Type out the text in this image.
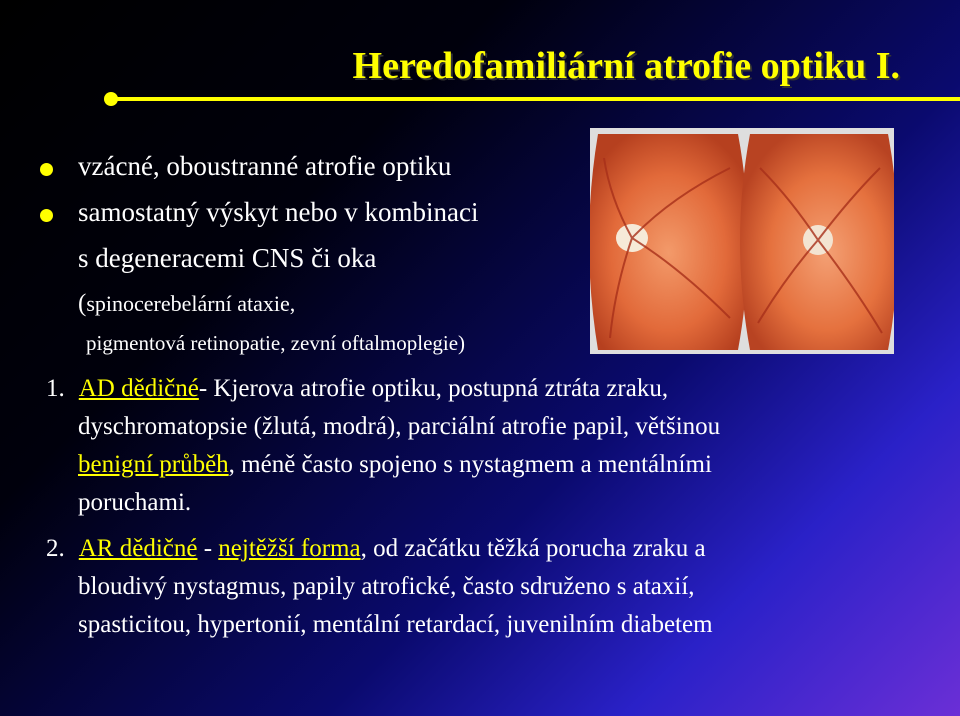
Heredofamiliární atrofie optiku I.
vzácné, oboustranné atrofie optiku
samostatný výskyt nebo v kombinaci
s degeneracemi CNS či oka
(spinocerebelární ataxie,
pigmentová retinopatie, zevní oftalmoplegie)
1. AD dědičné- Kjerova atrofie optiku, postupná ztráta zraku,
dyschromatopsie (žlutá, modrá), parciální atrofie papil, většinou
benigní průběh, méně často spojeno s nystagmem a mentálními
poruchami.
2. AR dědičné - nejtěžší forma, od začátku těžká porucha zraku a
bloudivý nystagmus, papily atrofické, často sdruženo s ataxií,
spasticitou, hypertonií, mentální retardací, juvenilním diabetem
